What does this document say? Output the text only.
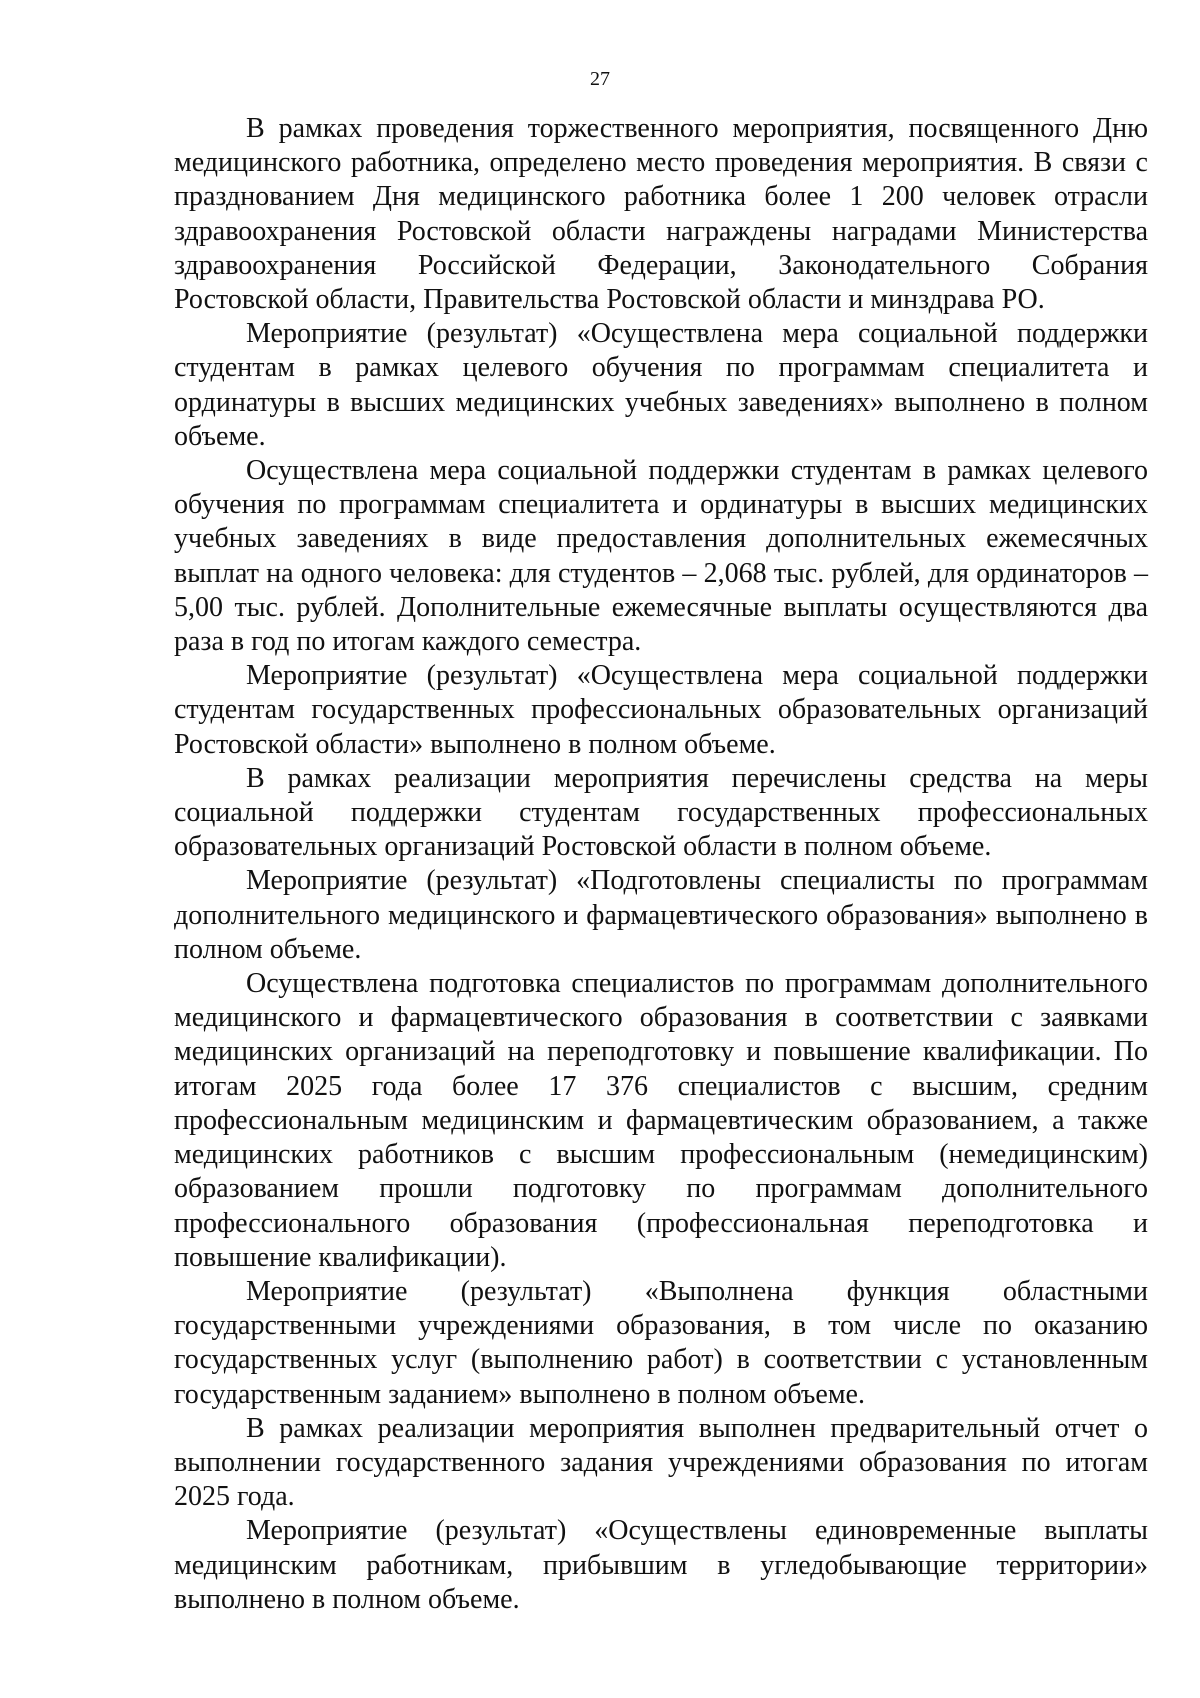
27

В рамках проведения торжественного мероприятия, посвященного Дню медицинского работника, определено место проведения мероприятия. В связи с празднованием Дня медицинского работника более 1 200 человек отрасли здравоохранения Ростовской области награждены наградами Министерства здравоохранения Российской Федерации, Законодательного Собрания Ростовской области, Правительства Ростовской области и минздрава РО.

Мероприятие (результат) «Осуществлена мера социальной поддержки студентам в рамках целевого обучения по программам специалитета и ординатуры в высших медицинских учебных заведениях» выполнено в полном объеме.

Осуществлена мера социальной поддержки студентам в рамках целевого обучения по программам специалитета и ординатуры в высших медицинских учебных заведениях в виде предоставления дополнительных ежемесячных выплат на одного человека: для студентов – 2,068 тыс. рублей, для ординаторов – 5,00 тыс. рублей. Дополнительные ежемесячные выплаты осуществляются два раза в год по итогам каждого семестра.

Мероприятие (результат) «Осуществлена мера социальной поддержки студентам государственных профессиональных образовательных организаций Ростовской области» выполнено в полном объеме.

В рамках реализации мероприятия перечислены средства на меры социальной поддержки студентам государственных профессиональных образовательных организаций Ростовской области в полном объеме.

Мероприятие (результат) «Подготовлены специалисты по программам дополнительного медицинского и фармацевтического образования» выполнено в полном объеме.

Осуществлена подготовка специалистов по программам дополнительного медицинского и фармацевтического образования в соответствии с заявками медицинских организаций на переподготовку и повышение квалификации. По итогам 2025 года более 17 376 специалистов с высшим, средним профессиональным медицинским и фармацевтическим образованием, а также медицинских работников с высшим профессиональным (немедицинским) образованием прошли подготовку по программам дополнительного профессионального образования (профессиональная переподготовка и повышение квалификации).

Мероприятие (результат) «Выполнена функция областными государственными учреждениями образования, в том числе по оказанию государственных услуг (выполнению работ) в соответствии с установленным государственным заданием» выполнено в полном объеме.

В рамках реализации мероприятия выполнен предварительный отчет о выполнении государственного задания учреждениями образования по итогам 2025 года.

Мероприятие (результат) «Осуществлены единовременные выплаты медицинским работникам, прибывшим в угледобывающие территории» выполнено в полном объеме.
